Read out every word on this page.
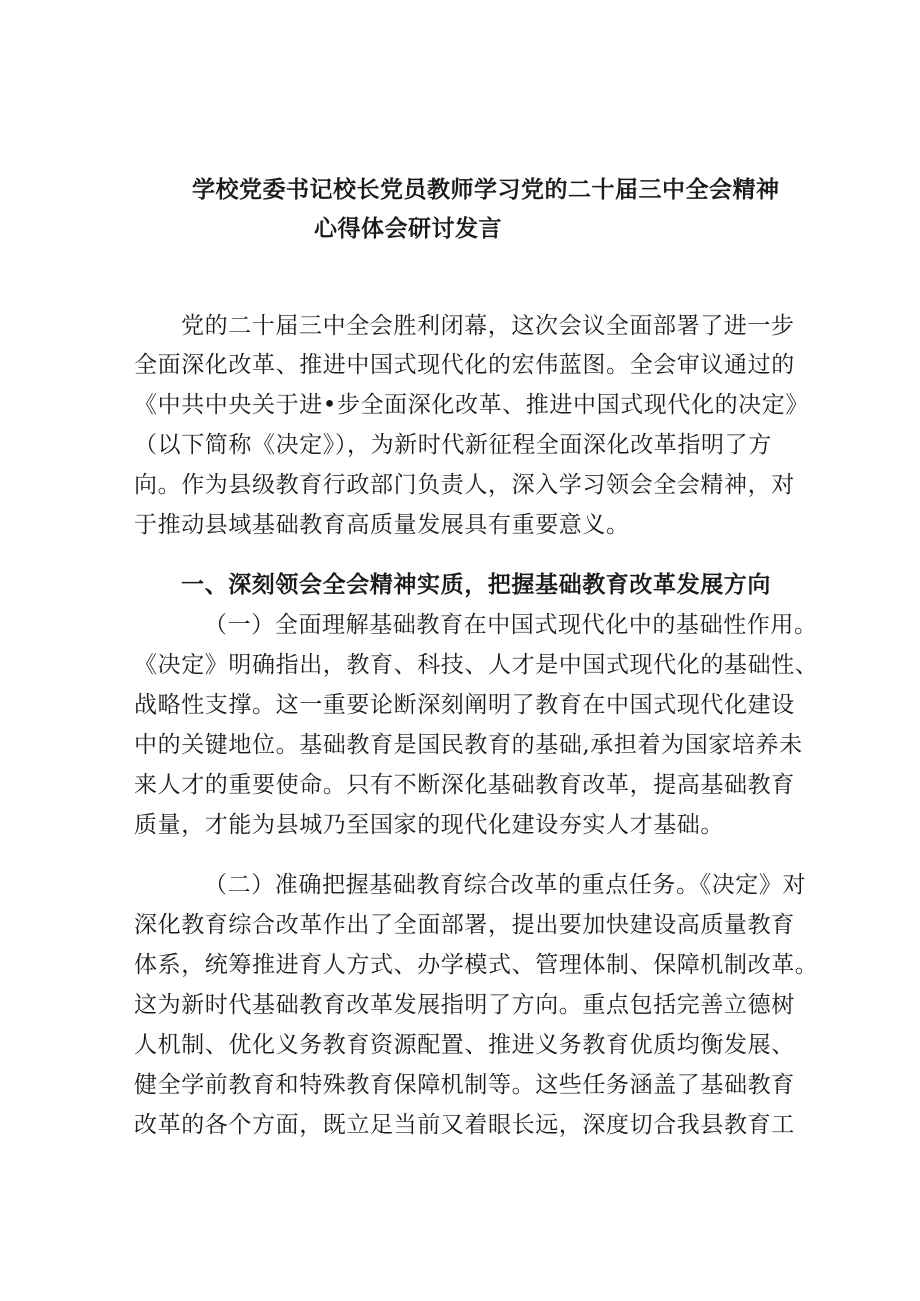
学校党委书记校长党员教师学习党的二十届三中全会精神
心得体会研讨发言
党的二十届三中全会胜利闭幕，这次会议全面部署了进一步
全面深化改革、推进中国式现代化的宏伟蓝图。全会审议通过的
《中共中央关于进•步全面深化改革、推进中国式现代化的决定》
（以下简称《决定》），为新时代新征程全面深化改革指明了方
向。作为县级教育行政部门负责人，深入学习领会全会精神，对
于推动县域基础教育高质量发展具有重要意义。
一、深刻领会全会精神实质，把握基础教育改革发展方向
（一）全面理解基础教育在中国式现代化中的基础性作用。
《决定》明确指出，教育、科技、人才是中国式现代化的基础性、
战略性支撑。这一重要论断深刻阐明了教育在中国式现代化建设
中的关键地位。基础教育是国民教育的基础,承担着为国家培养未
来人才的重要使命。只有不断深化基础教育改革，提高基础教育
质量，才能为县城乃至国家的现代化建设夯实人才基础。
（二）准确把握基础教育综合改革的重点任务。《决定》对
深化教育综合改革作出了全面部署，提出要加快建设高质量教育
体系，统筹推进育人方式、办学模式、管理体制、保障机制改革。
这为新时代基础教育改革发展指明了方向。重点包括完善立德树
人机制、优化义务教育资源配置、推进义务教育优质均衡发展、
健全学前教育和特殊教育保障机制等。这些任务涵盖了基础教育
改革的各个方面，既立足当前又着眼长远，深度切合我县教育工
